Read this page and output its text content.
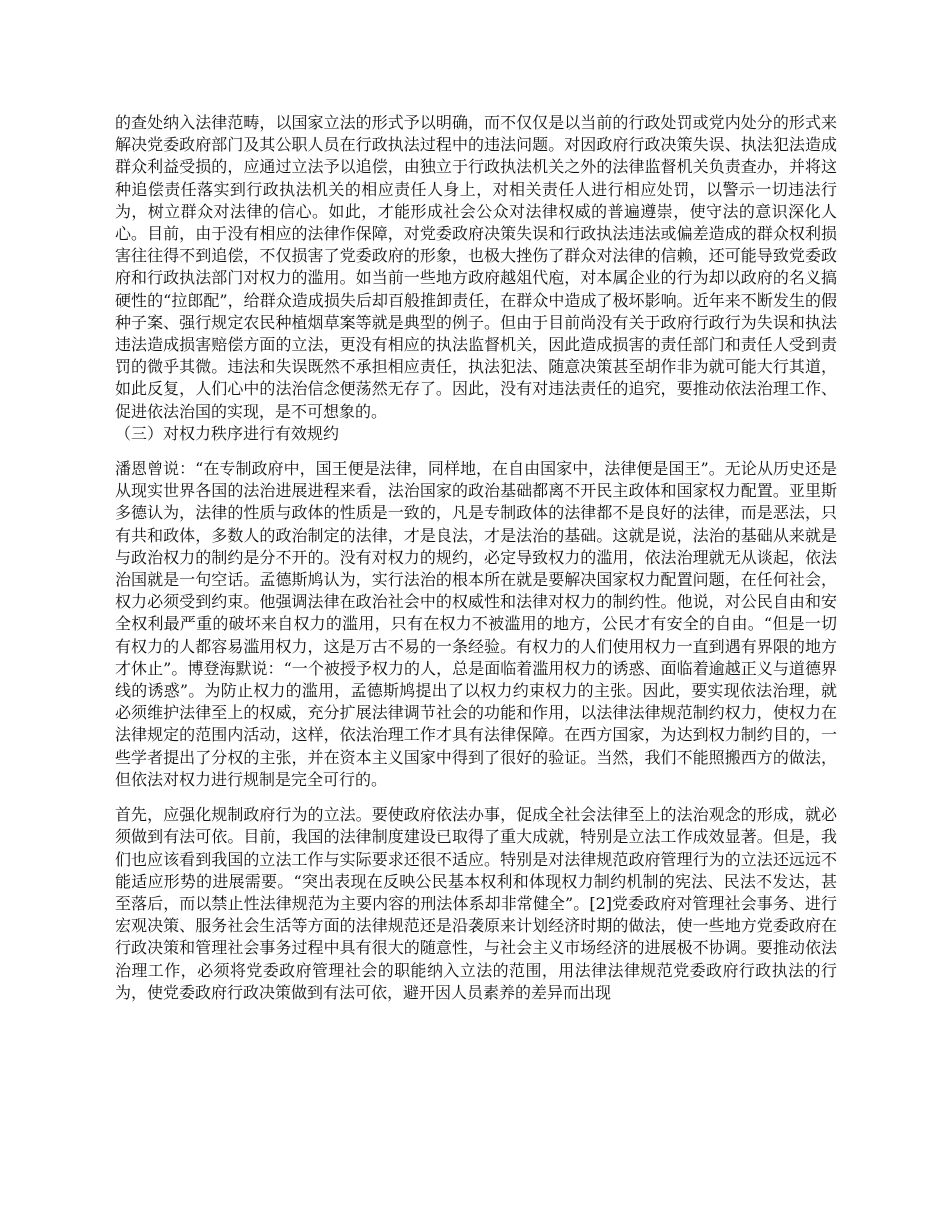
的查处纳入法律范畴，以国家立法的形式予以明确，而不仅仅是以当前的行政处罚或党内处分的形式来解决党委政府部门及其公职人员在行政执法过程中的违法问题。对因政府行政决策失误、执法犯法造成群众利益受损的，应通过立法予以追偿，由独立于行政执法机关之外的法律监督机关负责查办，并将这种追偿责任落实到行政执法机关的相应责任人身上，对相关责任人进行相应处罚，以警示一切违法行为，树立群众对法律的信心。如此，才能形成社会公众对法律权威的普遍遵崇，使守法的意识深化人心。目前，由于没有相应的法律作保障，对党委政府决策失误和行政执法违法或偏差造成的群众权利损害往往得不到追偿，不仅损害了党委政府的形象，也极大挫伤了群众对法律的信赖，还可能导致党委政府和行政执法部门对权力的滥用。如当前一些地方政府越俎代庖，对本属企业的行为却以政府的名义搞硬性的“拉郎配”，给群众造成损失后却百般推卸责任，在群众中造成了极坏影响。近年来不断发生的假种子案、强行规定农民种植烟草案等就是典型的例子。但由于目前尚没有关于政府行政行为失误和执法违法造成损害赔偿方面的立法，更没有相应的执法监督机关，因此造成损害的责任部门和责任人受到责罚的微乎其微。违法和失误既然不承担相应责任，执法犯法、随意决策甚至胡作非为就可能大行其道，如此反复，人们心中的法治信念便荡然无存了。因此，没有对违法责任的追究，要推动依法治理工作、促进依法治国的实现，是不可想象的。

（三）对权力秩序进行有效规约

潘恩曾说：“在专制政府中，国王便是法律，同样地，在自由国家中，法律便是国王”。无论从历史还是从现实世界各国的法治进展进程来看，法治国家的政治基础都离不开民主政体和国家权力配置。亚里斯多德认为，法律的性质与政体的性质是一致的，凡是专制政体的法律都不是良好的法律，而是恶法，只有共和政体，多数人的政治制定的法律，才是良法，才是法治的基础。这就是说，法治的基础从来就是与政治权力的制约是分不开的。没有对权力的规约，必定导致权力的滥用，依法治理就无从谈起，依法治国就是一句空话。孟德斯鸠认为，实行法治的根本所在就是要解决国家权力配置问题，在任何社会，权力必须受到约束。他强调法律在政治社会中的权威性和法律对权力的制约性。他说，对公民自由和安全权利最严重的破坏来自权力的滥用，只有在权力不被滥用的地方，公民才有安全的自由。“但是一切有权力的人都容易滥用权力，这是万古不易的一条经验。有权力的人们使用权力一直到遇有界限的地方才休止”。博登海默说：“一个被授予权力的人，总是面临着滥用权力的诱惑、面临着逾越正义与道德界线的诱惑”。为防止权力的滥用，孟德斯鸠提出了以权力约束权力的主张。因此，要实现依法治理，就必须维护法律至上的权威，充分扩展法律调节社会的功能和作用，以法律法律规范制约权力，使权力在法律规定的范围内活动，这样，依法治理工作才具有法律保障。在西方国家，为达到权力制约目的，一些学者提出了分权的主张，并在资本主义国家中得到了很好的验证。当然，我们不能照搬西方的做法，但依法对权力进行规制是完全可行的。

首先，应强化规制政府行为的立法。要使政府依法办事，促成全社会法律至上的法治观念的形成，就必须做到有法可依。目前，我国的法律制度建设已取得了重大成就，特别是立法工作成效显著。但是，我们也应该看到我国的立法工作与实际要求还很不适应。特别是对法律规范政府管理行为的立法还远远不能适应形势的进展需要。“突出表现在反映公民基本权利和体现权力制约机制的宪法、民法不发达，甚至落后，而以禁止性法律规范为主要内容的刑法体系却非常健全”。[2]党委政府对管理社会事务、进行宏观决策、服务社会生活等方面的法律规范还是沿袭原来计划经济时期的做法，使一些地方党委政府在行政决策和管理社会事务过程中具有很大的随意性，与社会主义市场经济的进展极不协调。要推动依法治理工作，必须将党委政府管理社会的职能纳入立法的范围，用法律法律规范党委政府行政执法的行为，使党委政府行政决策做到有法可依，避开因人员素养的差异而出现
